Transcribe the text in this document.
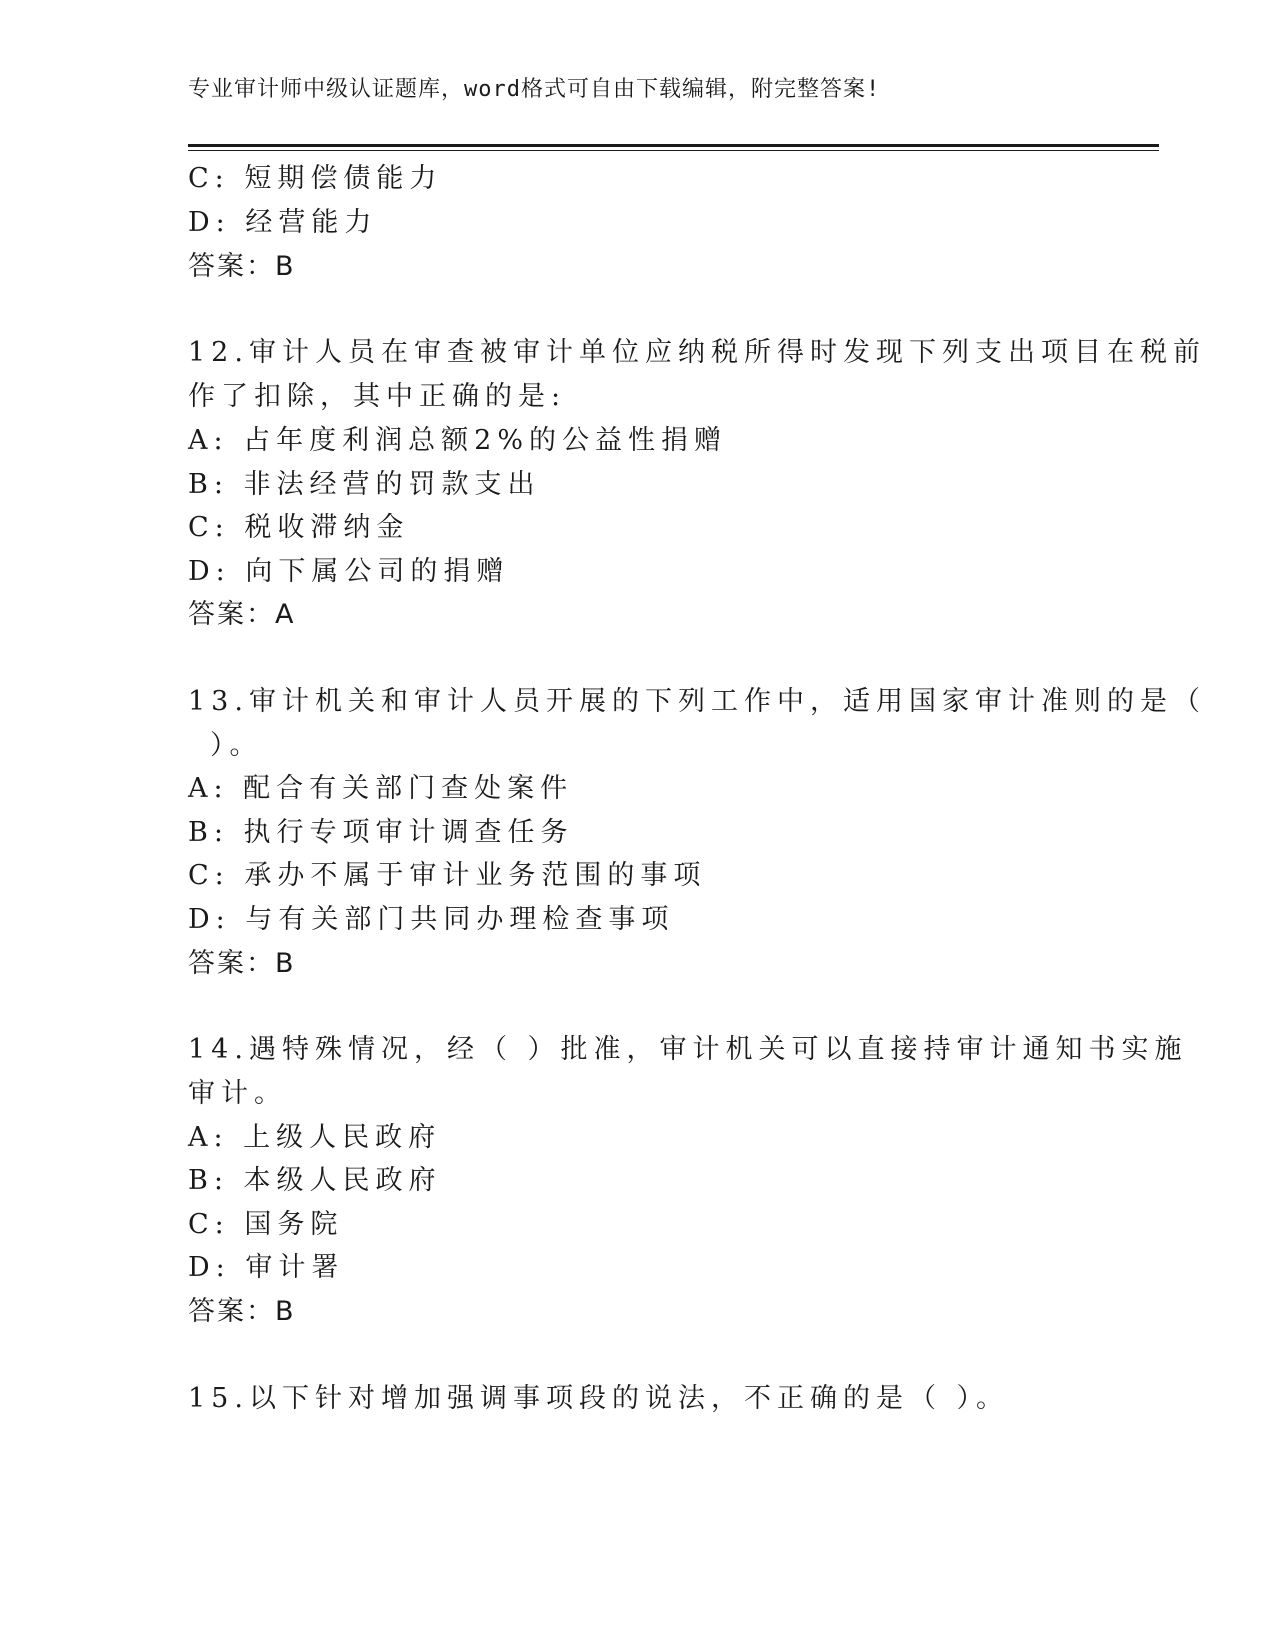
专业审计师中级认证题库，word格式可自由下载编辑，附完整答案!
C: 短期偿债能力
D: 经营能力
答案：B
12.审计人员在审查被审计单位应纳税所得时发现下列支出项目在税前
作了扣除，其中正确的是:
A: 占年度利润总额2%的公益性捐赠
B: 非法经营的罚款支出
C: 税收滞纳金
D: 向下属公司的捐赠
答案：A
13.审计机关和审计人员开展的下列工作中，适用国家审计准则的是（
）。
A: 配合有关部门查处案件
B: 执行专项审计调查任务
C: 承办不属于审计业务范围的事项
D: 与有关部门共同办理检查事项
答案：B
14.遇特殊情况，经（ ）批准，审计机关可以直接持审计通知书实施
审计。
A: 上级人民政府
B: 本级人民政府
C: 国务院
D: 审计署
答案：B
15.以下针对增加强调事项段的说法，不正确的是（ ）。
